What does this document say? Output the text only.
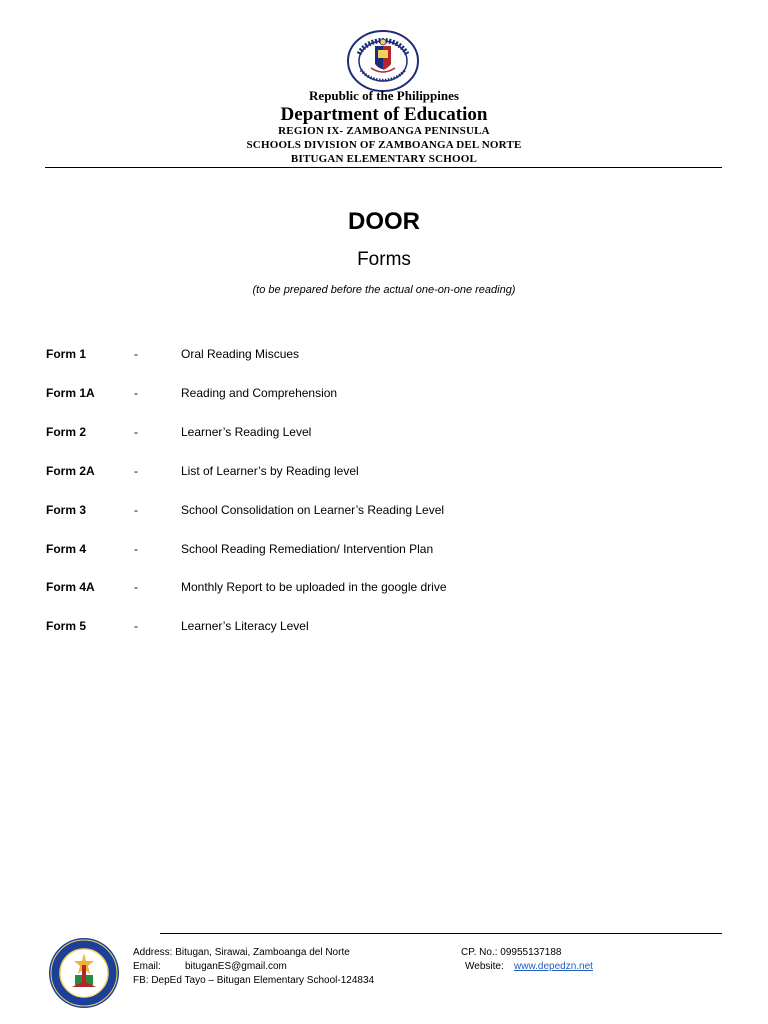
Republic of the Philippines
Department of Education
REGION IX- ZAMBOANGA PENINSULA
SCHOOLS DIVISION OF ZAMBOANGA DEL NORTE
BITUGAN ELEMENTARY SCHOOL
DOOR
Forms
(to be prepared before the actual one-on-one reading)
Form 1	-	Oral Reading Miscues
Form 1A	-	Reading and Comprehension
Form 2	-	Learner’s Reading Level
Form 2A	-	List of Learner’s by Reading level
Form 3	-	School Consolidation on Learner’s Reading Level
Form 4	-	School Reading Remediation/ Intervention Plan
Form 4A	-	Monthly Report to be uploaded in the google drive
Form 5	-	Learner’s Literacy Level
Address: Bitugan, Sirawai, Zamboanga del Norte
Email: bituganES@gmail.com
FB: DepEd Tayo – Bitugan Elementary School-124834
CP. No.: 09955137188
Website: www.depedzn.net
